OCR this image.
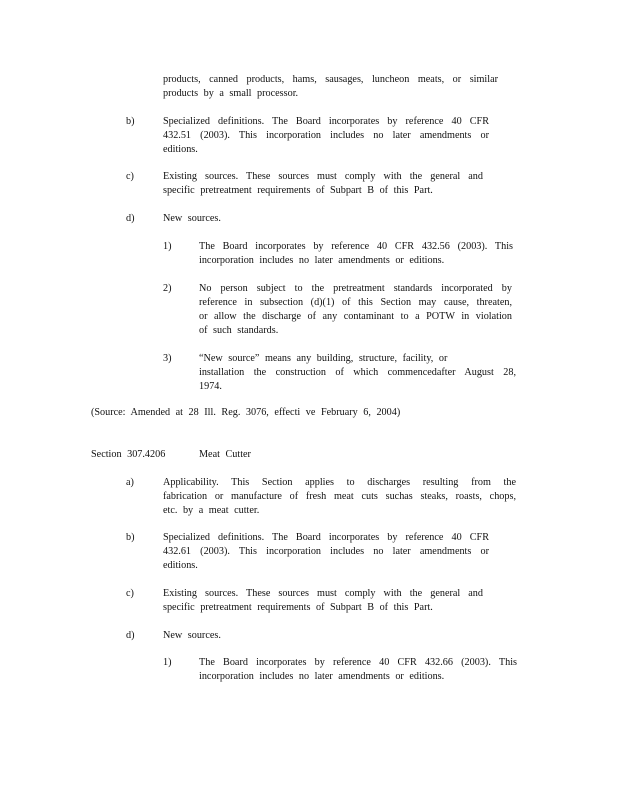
products, canned products, hams, sausages, luncheon meats, or similar
products by a small processor.
b)	Specialized definitions. The Board incorporates by reference 40 CFR
432.51 (2003). This incorporation includes no later amendments or
editions.
c)	Existing sources. These sources must comply with the general and
specific pretreatment requirements of Subpart B of this Part.
d)	New sources.
1)	The Board incorporates by reference 40 CFR 432.56 (2003). This
incorporation includes no later amendments or editions.
2)	No person subject to the pretreatment standards incorporated by
reference in subsection (d)(1) of this Section may cause, threaten,
or allow the discharge of any contaminant to a POTW in violation
of such standards.
3)	“New source” means any building, structure, facility, or
installation the construction of which commencedafter August 28,
1974.
(Source: Amended at 28 Ill. Reg. 3076, effecti ve February 6, 2004)
Section 307.4206	Meat Cutter
a)	Applicability. This Section applies to discharges resulting from the
fabrication or manufacture of fresh meat cuts suchas steaks, roasts, chops,
etc. by a meat cutter.
b)	Specialized definitions. The Board incorporates by reference 40 CFR
432.61 (2003). This incorporation includes no later amendments or
editions.
c)	Existing sources. These sources must comply with the general and
specific pretreatment requirements of Subpart B of this Part.
d)	New sources.
1)	The Board incorporates by reference 40 CFR 432.66 (2003). This
incorporation includes no later amendments or editions.
